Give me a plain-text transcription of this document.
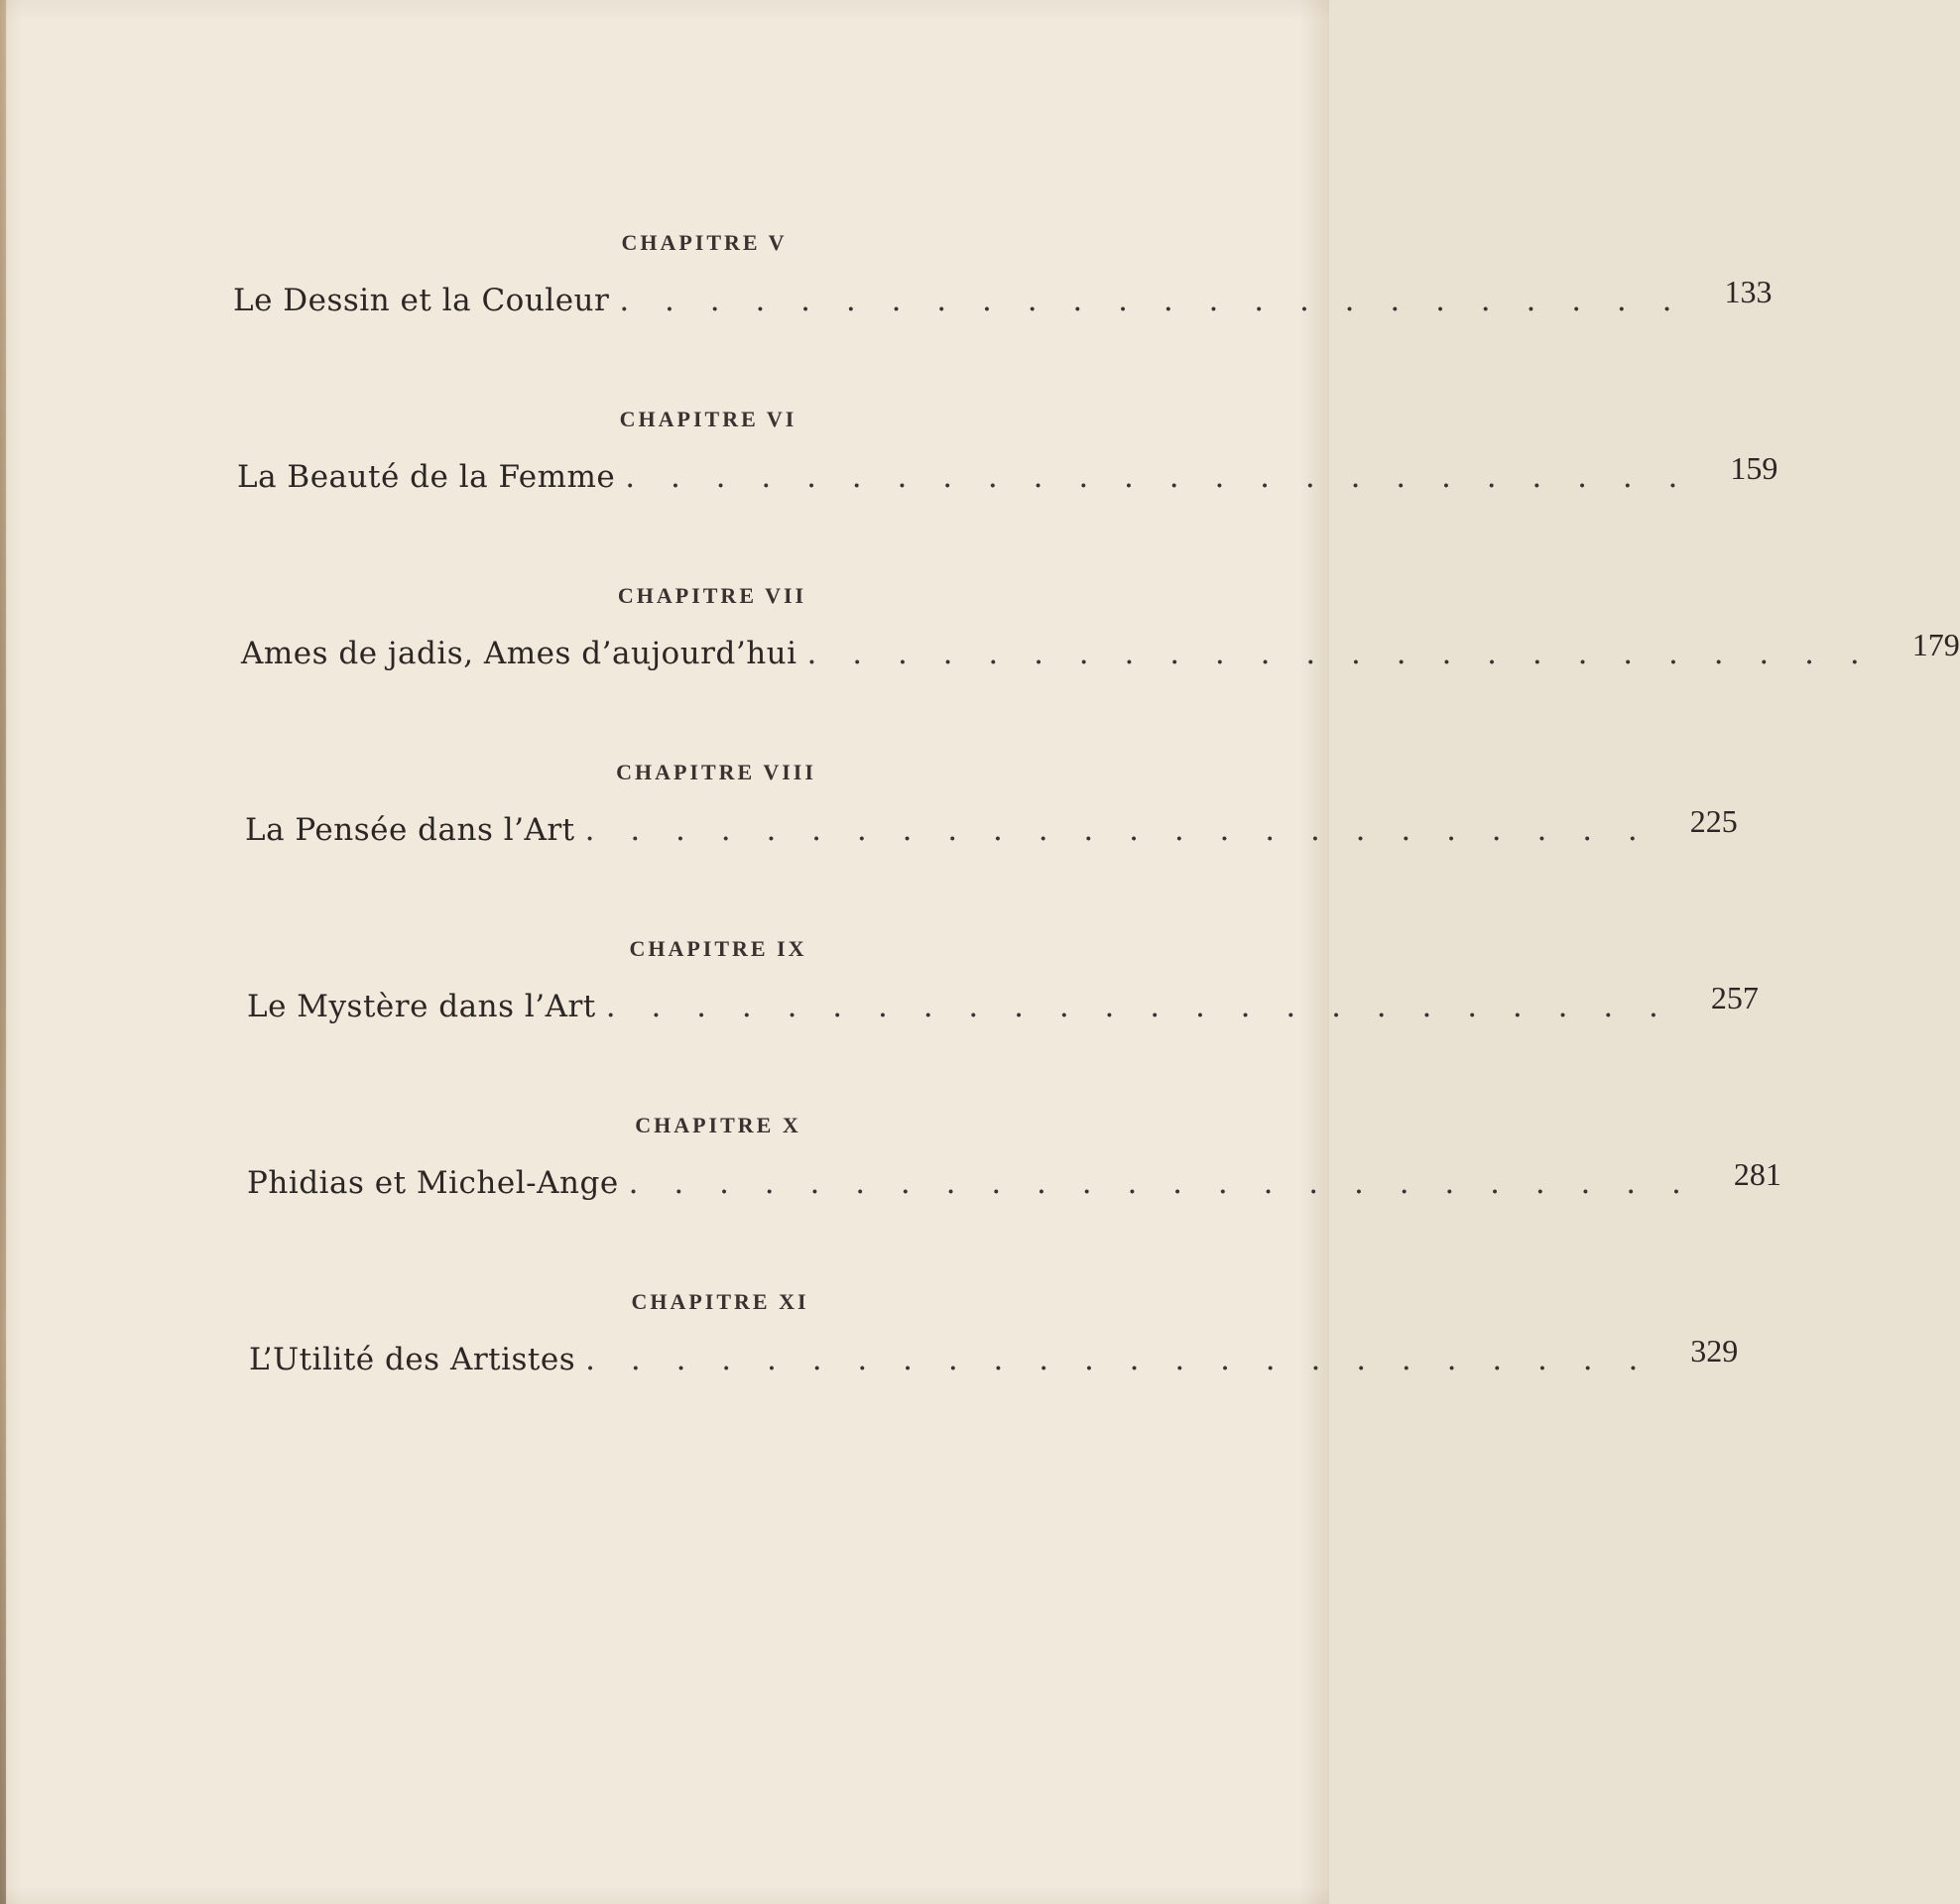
CHAPITRE V
Le Dessin et la Couleur . . . . . . . . . . . . . . . . . . . . . . . . 133
CHAPITRE VI
La Beauté de la Femme . . . . . . . . . . . . . . . . . . . . . . . . 159
CHAPITRE VII
Ames de jadis, Ames d’aujourd’hui . . . . . . . . . . . . . . . . . . . . . . . . 179
CHAPITRE VIII
La Pensée dans l’Art . . . . . . . . . . . . . . . . . . . . . . . . 225
CHAPITRE IX
Le Mystère dans l’Art . . . . . . . . . . . . . . . . . . . . . . . . 257
CHAPITRE X
Phidias et Michel-Ange . . . . . . . . . . . . . . . . . . . . . . . . 281
CHAPITRE XI
L’Utilité des Artistes . . . . . . . . . . . . . . . . . . . . . . . . 329
